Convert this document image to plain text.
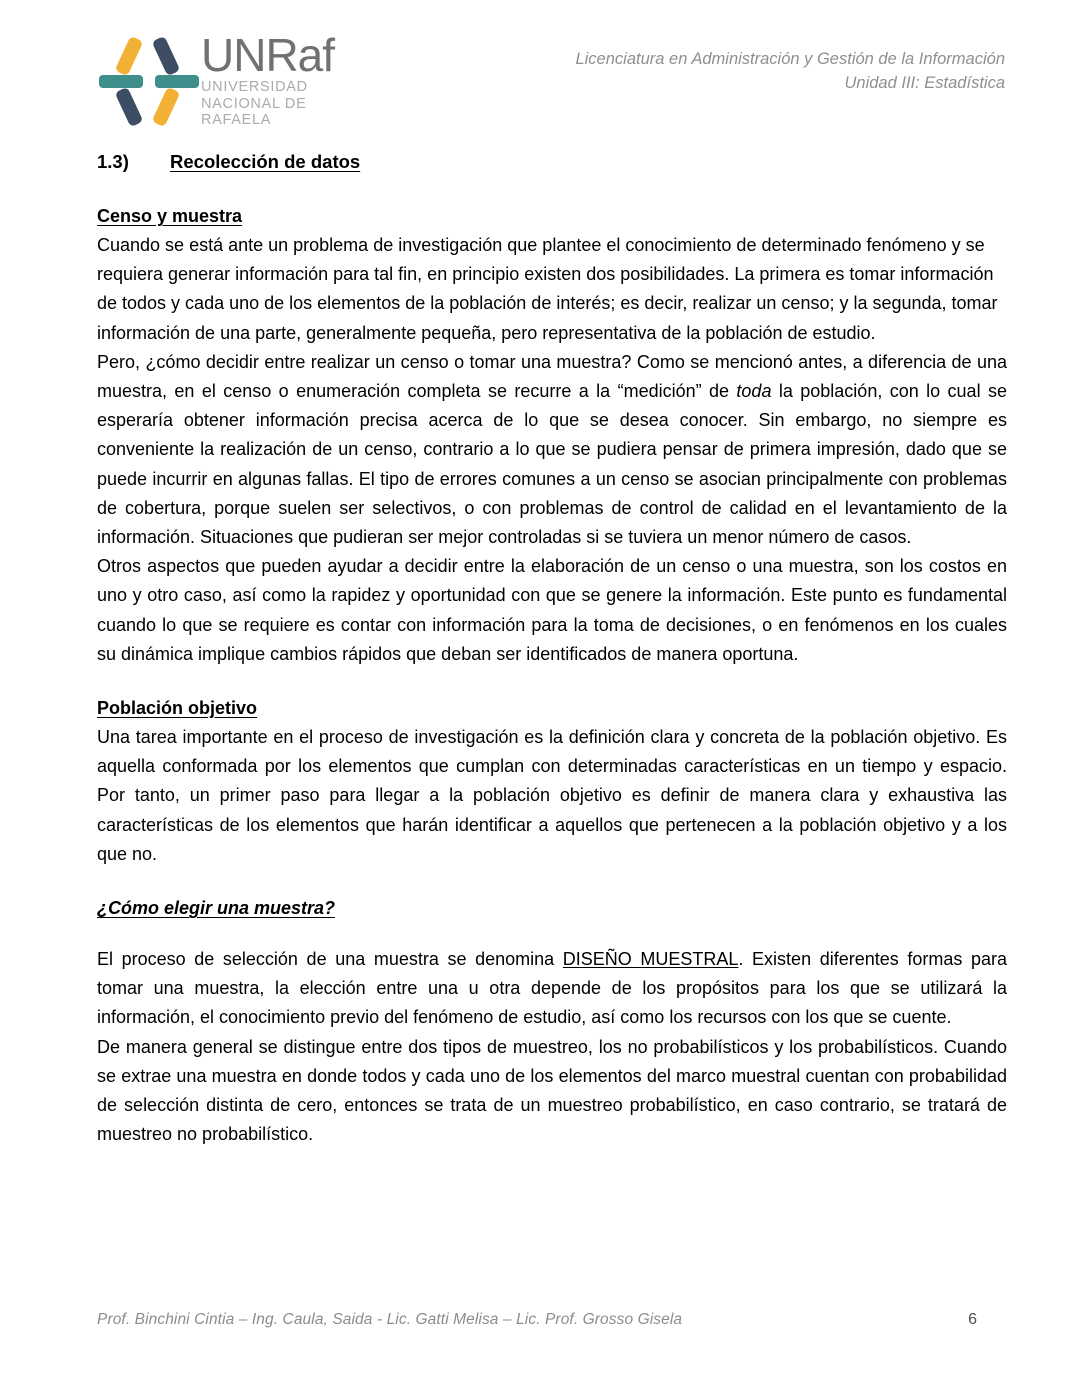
UNRaf
UNIVERSIDAD
NACIONAL DE
RAFAELA
Licenciatura en Administración y Gestión de la Información
Unidad III: Estadística
1.3)	Recolección de datos
Censo y muestra

Cuando se está ante un problema de investigación que plantee el conocimiento de determinado fenómeno y se requiera generar información para tal fin, en principio existen dos posibilidades. La primera es tomar información de todos y cada uno de los elementos de la población de interés; es decir, realizar un censo; y la segunda, tomar información de una parte, generalmente pequeña, pero representativa de la población de estudio.

Pero, ¿cómo decidir entre realizar un censo o tomar una muestra? Como se mencionó antes, a diferencia de una muestra, en el censo o enumeración completa se recurre a la “medición” de toda la población, con lo cual se esperaría obtener información precisa acerca de lo que se desea conocer. Sin embargo, no siempre es conveniente la realización de un censo, contrario a lo que se pudiera pensar de primera impresión, dado que se puede incurrir en algunas fallas. El tipo de errores comunes a un censo se asocian principalmente con problemas de cobertura, porque suelen ser selectivos, o con problemas de control de calidad en el levantamiento de la información. Situaciones que pudieran ser mejor controladas si se tuviera un menor número de casos.

Otros aspectos que pueden ayudar a decidir entre la elaboración de un censo o una muestra, son los costos en uno y otro caso, así como la rapidez y oportunidad con que se genere la información. Este punto es fundamental cuando lo que se requiere es contar con información para la toma de decisiones, o en fenómenos en los cuales su dinámica implique cambios rápidos que deban ser identificados de manera oportuna.

Población objetivo

Una tarea importante en el proceso de investigación es la definición clara y concreta de la población objetivo. Es aquella conformada por los elementos que cumplan con determinadas características en un tiempo y espacio. Por tanto, un primer paso para llegar a la población objetivo es definir de manera clara y exhaustiva las características de los elementos que harán identificar a aquellos que pertenecen a la población objetivo y a los que no.

¿Cómo elegir una muestra?

El proceso de selección de una muestra se denomina DISEÑO MUESTRAL. Existen diferentes formas para tomar una muestra, la elección entre una u otra depende de los propósitos para los que se utilizará la información, el conocimiento previo del fenómeno de estudio, así como los recursos con los que se cuente.

De manera general se distingue entre dos tipos de muestreo, los no probabilísticos y los probabilísticos. Cuando se extrae una muestra en donde todos y cada uno de los elementos del marco muestral cuentan con probabilidad de selección distinta de cero, entonces se trata de un muestreo probabilístico, en caso contrario, se tratará de muestreo no probabilístico.

Prof. Binchini Cintia – Ing. Caula, Saida - Lic. Gatti Melisa – Lic. Prof. Grosso Gisela	6
